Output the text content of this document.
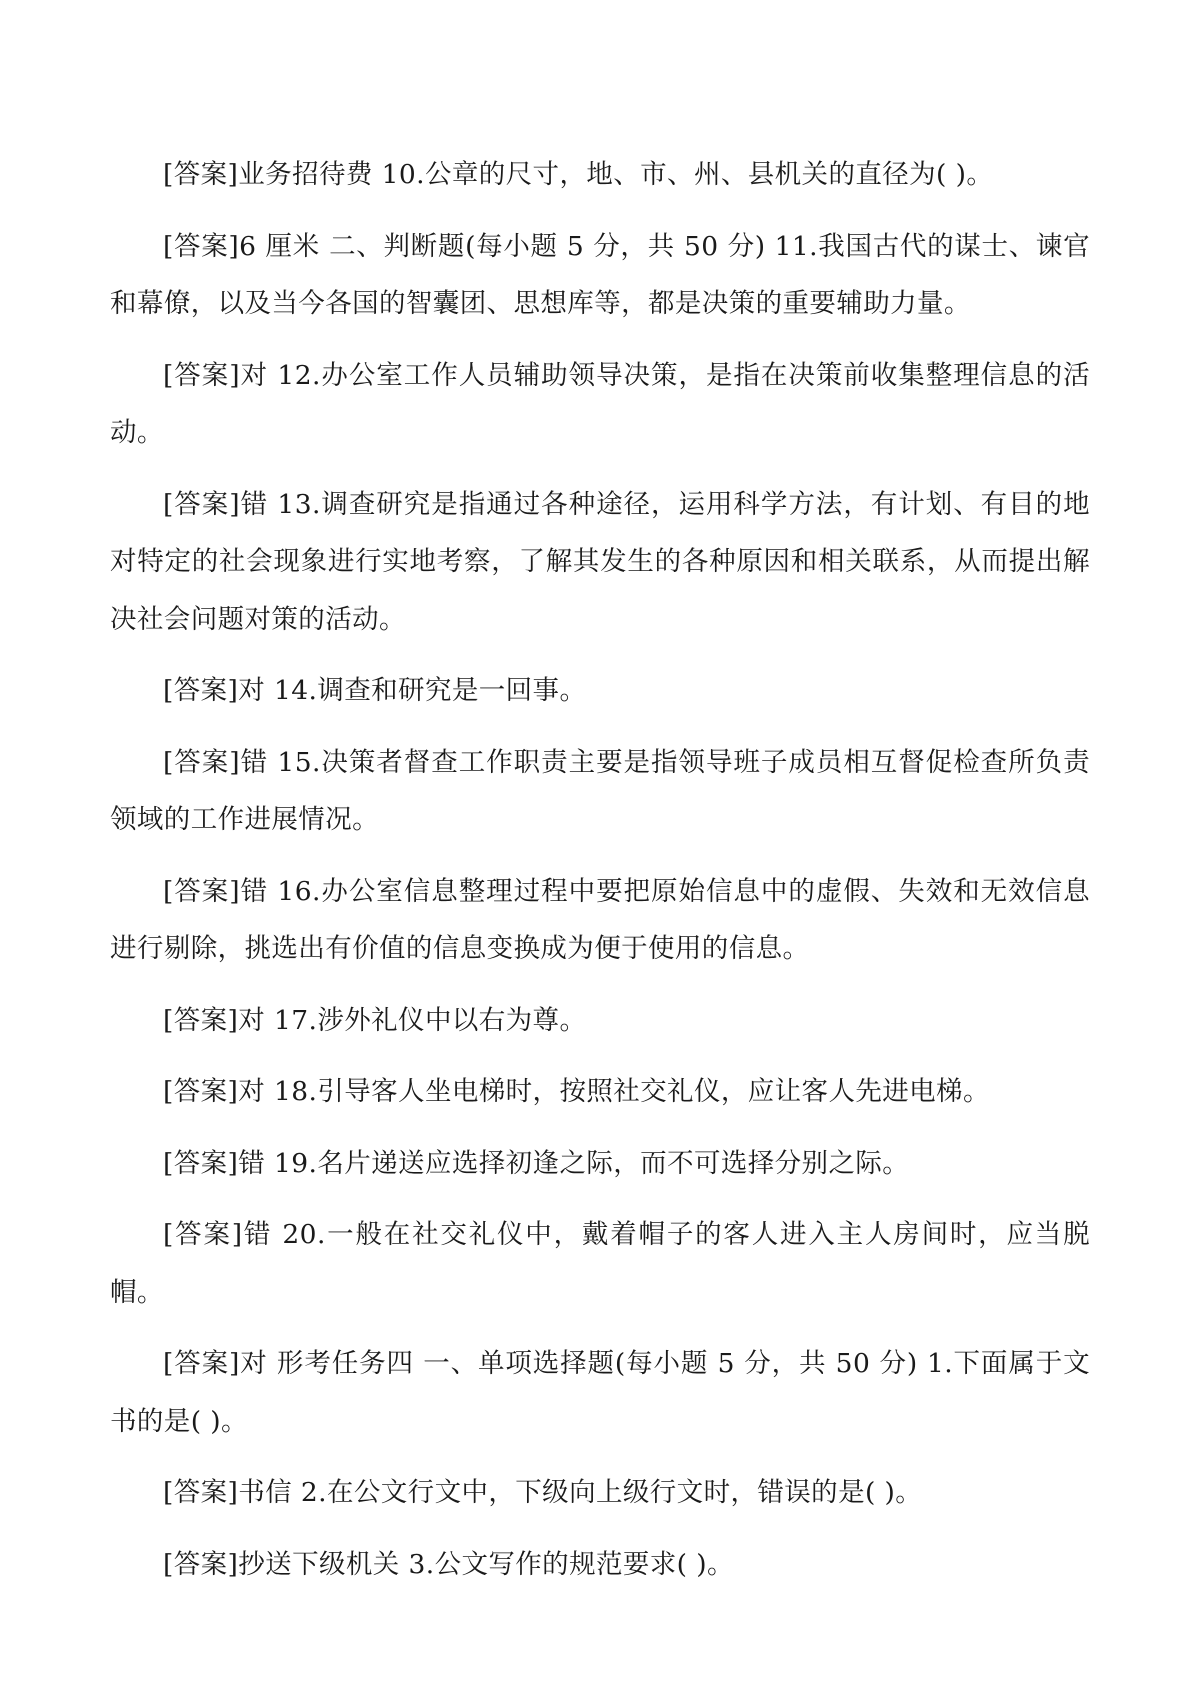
[答案]业务招待费 10.公章的尺寸，地、市、州、县机关的直径为( )。

[答案]6 厘米 二、判断题(每小题 5 分，共 50 分) 11.我国古代的谋士、谏官和幕僚，以及当今各国的智囊团、思想库等，都是决策的重要辅助力量。

[答案]对 12.办公室工作人员辅助领导决策，是指在决策前收集整理信息的活动。

[答案]错 13.调查研究是指通过各种途径，运用科学方法，有计划、有目的地对特定的社会现象进行实地考察，了解其发生的各种原因和相关联系，从而提出解决社会问题对策的活动。

[答案]对 14.调查和研究是一回事。

[答案]错 15.决策者督查工作职责主要是指领导班子成员相互督促检查所负责领域的工作进展情况。

[答案]错 16.办公室信息整理过程中要把原始信息中的虚假、失效和无效信息进行剔除，挑选出有价值的信息变换成为便于使用的信息。

[答案]对 17.涉外礼仪中以右为尊。

[答案]对 18.引导客人坐电梯时，按照社交礼仪，应让客人先进电梯。

[答案]错 19.名片递送应选择初逢之际，而不可选择分别之际。

[答案]错 20.一般在社交礼仪中，戴着帽子的客人进入主人房间时，应当脱帽。

[答案]对 形考任务四 一、单项选择题(每小题 5 分，共 50 分) 1.下面属于文书的是( )。

[答案]书信 2.在公文行文中，下级向上级行文时，错误的是( )。

[答案]抄送下级机关 3.公文写作的规范要求( )。
